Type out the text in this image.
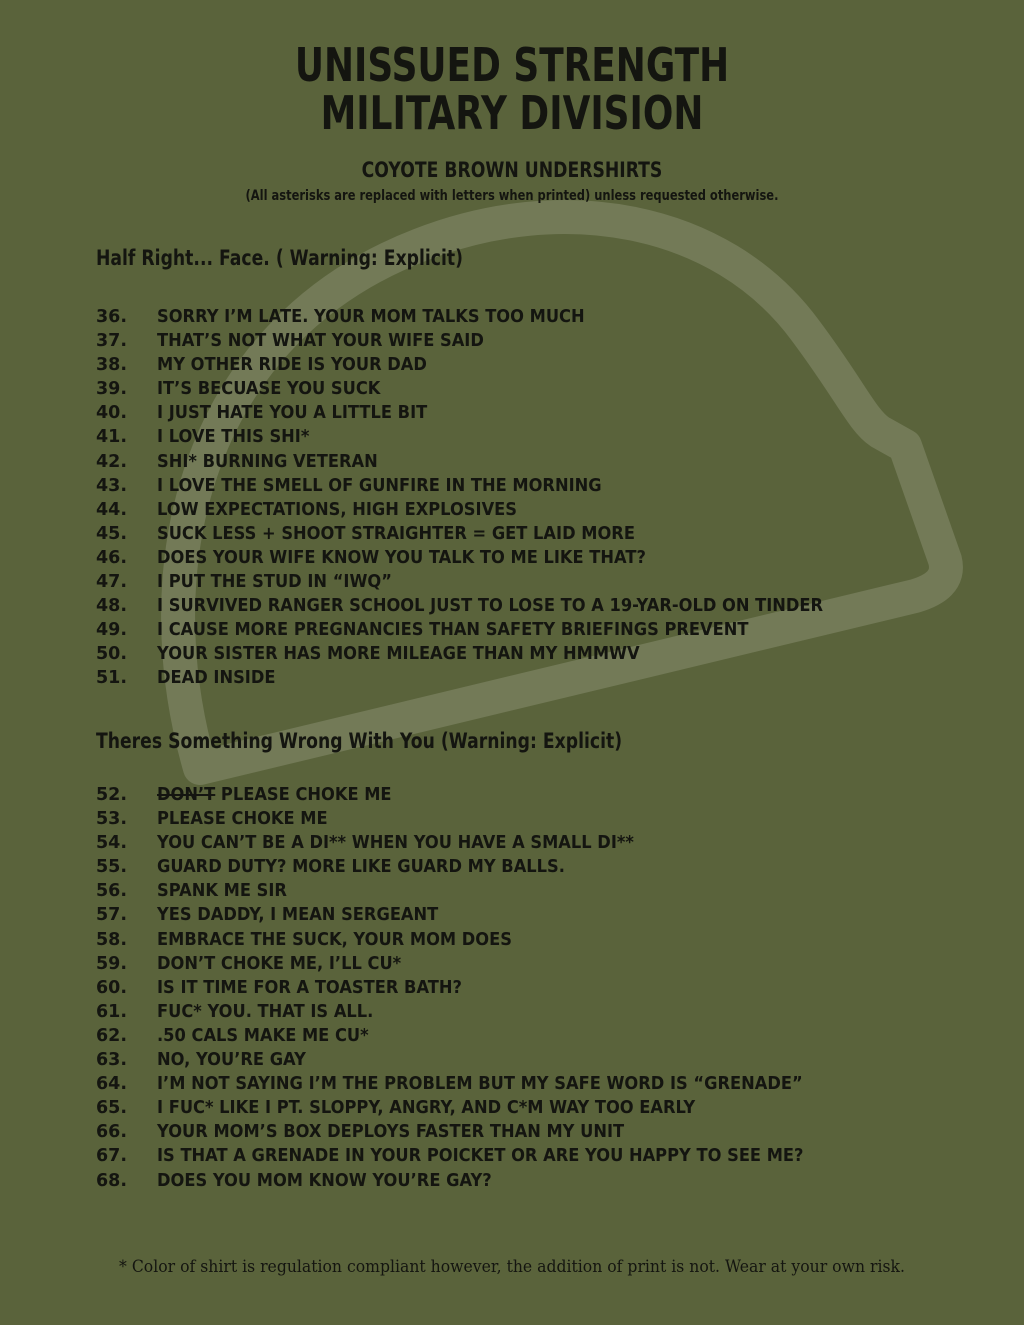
UNISSUED STRENGTH
MILITARY DIVISION
COYOTE BROWN UNDERSHIRTS
(All asterisks are replaced with letters when printed) unless requested otherwise.
Half Right... Face. ( Warning: Explicit)
36.	SORRY I’M LATE. YOUR MOM TALKS TOO MUCH
37.	THAT’S NOT WHAT YOUR WIFE SAID
38.	MY OTHER RIDE IS YOUR DAD
39.	IT’S BECUASE YOU SUCK
40.	I JUST HATE YOU A LITTLE BIT
41.	I LOVE THIS SHI*
42.	SHI* BURNING VETERAN
43.	I LOVE THE SMELL OF GUNFIRE IN THE MORNING
44.	LOW EXPECTATIONS, HIGH EXPLOSIVES
45.	SUCK LESS + SHOOT STRAIGHTER = GET LAID MORE
46.	DOES YOUR WIFE KNOW YOU TALK TO ME LIKE THAT?
47.	I PUT THE STUD IN “IWQ”
48.	I SURVIVED RANGER SCHOOL JUST TO LOSE TO A 19-YAR-OLD ON TINDER
49.	I CAUSE MORE PREGNANCIES THAN SAFETY BRIEFINGS PREVENT
50.	YOUR SISTER HAS MORE MILEAGE THAN MY HMMWV
51.	DEAD INSIDE
Theres Something Wrong With You (Warning: Explicit)
52.	DON’T PLEASE CHOKE ME
53.	PLEASE CHOKE ME
54.	YOU CAN’T BE A DI** WHEN YOU HAVE A SMALL DI**
55.	GUARD DUTY? MORE LIKE GUARD MY BALLS.
56.	SPANK ME SIR
57.	YES DADDY, I MEAN SERGEANT
58.	EMBRACE THE SUCK, YOUR MOM DOES
59.	DON’T CHOKE ME, I’LL CU*
60.	IS IT TIME FOR A TOASTER BATH?
61.	FUC* YOU. THAT IS ALL.
62.	.50 CALS MAKE ME CU*
63.	NO, YOU’RE GAY
64.	I’M NOT SAYING I’M THE PROBLEM BUT MY SAFE WORD IS “GRENADE”
65.	I FUC* LIKE I PT. SLOPPY, ANGRY, AND C*M WAY TOO EARLY
66.	YOUR MOM’S BOX DEPLOYS FASTER THAN MY UNIT
67.	IS THAT A GRENADE IN YOUR POICKET OR ARE YOU HAPPY TO SEE ME?
68.	DOES YOU MOM KNOW YOU’RE GAY?
* Color of shirt is regulation compliant however, the addition of print is not. Wear at your own risk.
